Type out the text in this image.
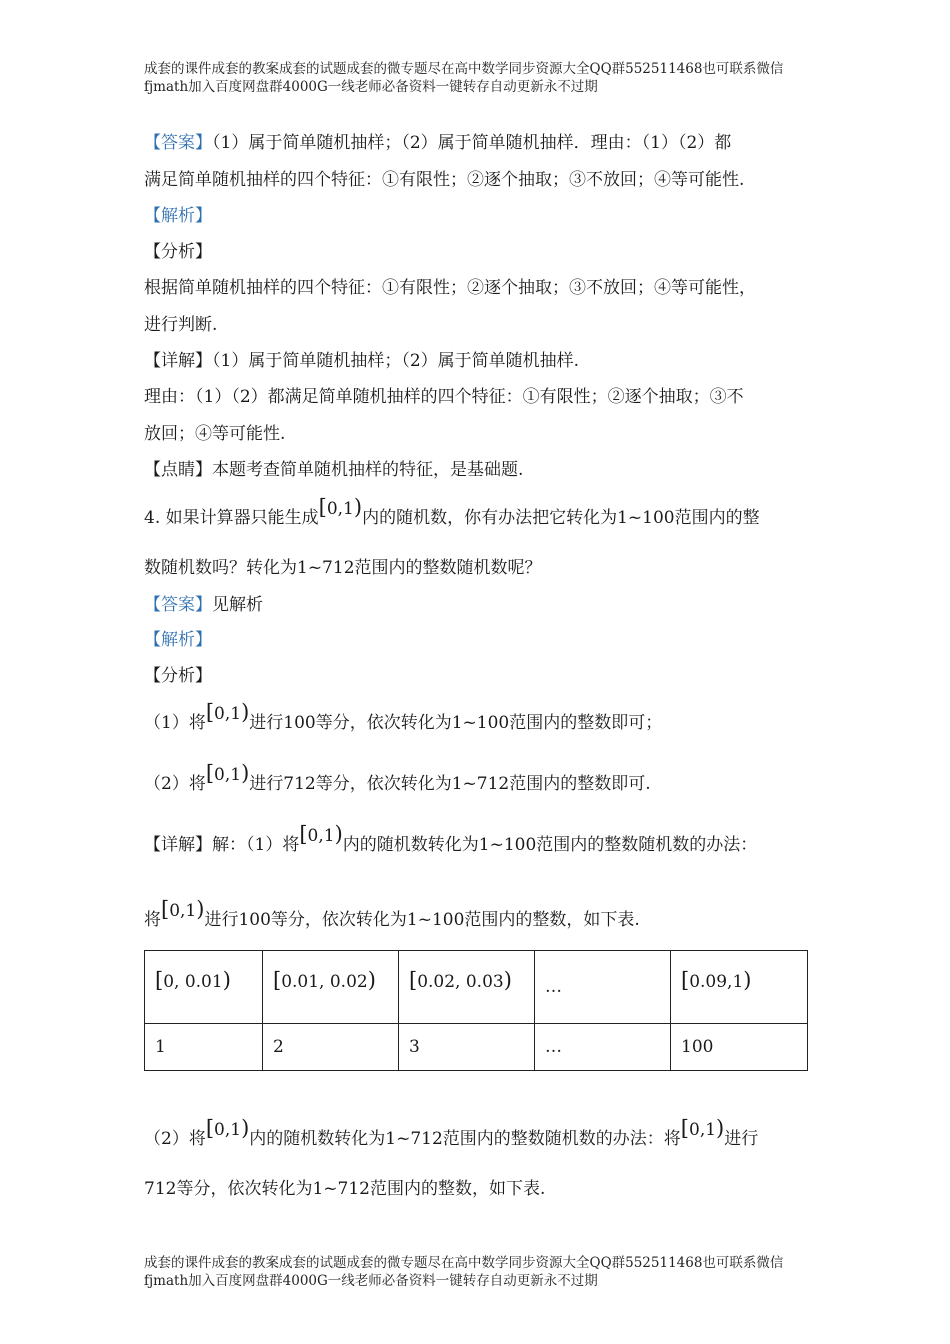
成套的课件成套的教案成套的试题成套的微专题尽在高中数学同步资源大全QQ群552511468也可联系微信fjmath加入百度网盘群4000G一线老师必备资料一键转存自动更新永不过期
【答案】（1）属于简单随机抽样；（2）属于简单随机抽样．理由：（1）（2）都
满足简单随机抽样的四个特征：①有限性；②逐个抽取；③不放回；④等可能性.
【解析】
【分析】
根据简单随机抽样的四个特征：①有限性；②逐个抽取；③不放回；④等可能性，
进行判断.
【详解】（1）属于简单随机抽样；（2）属于简单随机抽样.
理由：（1）（2）都满足简单随机抽样的四个特征：①有限性；②逐个抽取；③不
放回；④等可能性.
【点睛】本题考查简单随机抽样的特征，是基础题.
4. 如果计算器只能生成[0,1)内的随机数，你有办法把它转化为1~100范围内的整
数随机数吗？转化为1~712范围内的整数随机数呢？
【答案】见解析
【解析】
【分析】
（1）将[0,1)进行100等分，依次转化为1~100范围内的整数即可；
（2）将[0,1)进行712等分，依次转化为1~712范围内的整数即可.
【详解】解：（1）将[0,1)内的随机数转化为1~100范围内的整数随机数的办法：
将[0,1)进行100等分，依次转化为1~100范围内的整数，如下表.
[0, 0.01)	[0.01, 0.02)	[0.02, 0.03)	…	[0.09,1)
1	2	3	…	100
（2）将[0,1)内的随机数转化为1~712范围内的整数随机数的办法：将[0,1)进行
712等分，依次转化为1~712范围内的整数，如下表.
成套的课件成套的教案成套的试题成套的微专题尽在高中数学同步资源大全QQ群552511468也可联系微信fjmath加入百度网盘群4000G一线老师必备资料一键转存自动更新永不过期
